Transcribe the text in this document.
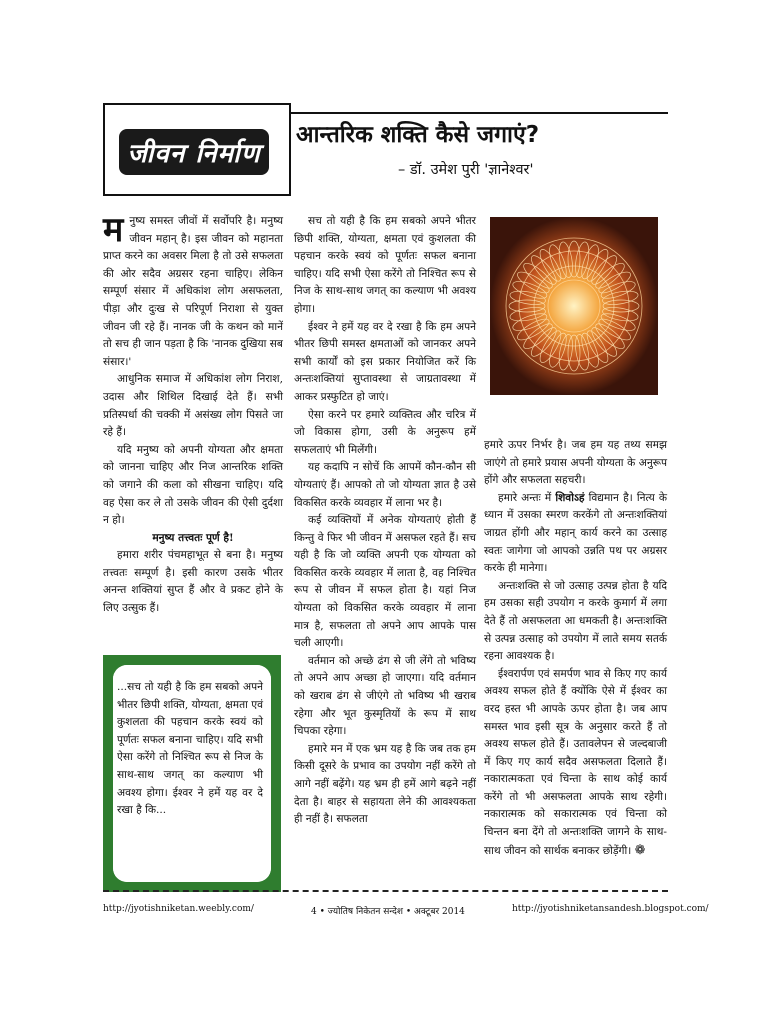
जीवन निर्माण
आन्तरिक शक्ति कैसे जगाएं?
– डॉ. उमेश पुरी 'ज्ञानेश्वर'

मनुष्य समस्त जीवों में सर्वोपरि है। मनुष्य जीवन महान् है। इस जीवन को महानता प्राप्त करने का अवसर मिला है तो उसे सफलता की ओर सदैव अग्रसर रहना चाहिए। लेकिन सम्पूर्ण संसार में अधिकांश लोग असफलता, पीड़ा और दुःख से परिपूर्ण निराशा से युक्त जीवन जी रहे हैं। नानक जी के कथन को मानें तो सच ही जान पड़ता है कि 'नानक दुखिया सब संसार।'

आधुनिक समाज में अधिकांश लोग निराश, उदास और शिथिल दिखाई देते हैं। सभी प्रतिस्पर्धा की चक्की में असंख्य लोग पिसते जा रहे हैं।

यदि मनुष्य को अपनी योग्यता और क्षमता को जानना चाहिए और निज आन्तरिक शक्ति को जगाने की कला को सीखना चाहिए। यदि वह ऐसा कर ले तो उसके जीवन की ऐसी दुर्दशा न हो।

मनुष्य तत्त्वतः पूर्ण है!

हमारा शरीर पंचमहाभूत से बना है। मनुष्य तत्त्वतः सम्पूर्ण है। इसी कारण उसके भीतर अनन्त शक्तियां सुप्त हैं और वे प्रकट होने के लिए उत्सुक हैं।

...सच तो यही है कि हम सबको अपने भीतर छिपी शक्ति, योग्यता, क्षमता एवं कुशलता की पहचान करके स्वयं को पूर्णतः सफल बनाना चाहिए। यदि सभी ऐसा करेंगे तो निश्चित रूप से निज के साथ-साथ जगत् का कल्याण भी अवश्य होगा। ईश्वर ने हमें यह वर दे रखा है कि...

सच तो यही है कि हम सबको अपने भीतर छिपी शक्ति, योग्यता, क्षमता एवं कुशलता की पहचान करके स्वयं को पूर्णतः सफल बनाना चाहिए। यदि सभी ऐसा करेंगे तो निश्चित रूप से निज के साथ-साथ जगत् का कल्याण भी अवश्य होगा।

ईश्वर ने हमें यह वर दे रखा है कि हम अपने भीतर छिपी समस्त क्षमताओं को जानकर अपने सभी कार्यों को इस प्रकार नियोजित करें कि अन्तःशक्तियां सुप्तावस्था से जाग्रतावस्था में आकर प्रस्फुटित हो जाएं।

ऐसा करने पर हमारे व्यक्तित्व और चरित्र में जो विकास होगा, उसी के अनुरूप हमें सफलताएं भी मिलेंगी।

यह कदापि न सोचें कि आपमें कौन-कौन सी योग्यताएं हैं। आपको तो जो योग्यता ज्ञात है उसे विकसित करके व्यवहार में लाना भर है।

कई व्यक्तियों में अनेक योग्यताएं होती हैं किन्तु वे फिर भी जीवन में असफल रहते हैं। सच यही है कि जो व्यक्ति अपनी एक योग्यता को विकसित करके व्यवहार में लाता है, वह निश्चित रूप से जीवन में सफल होता है। यहां निज योग्यता को विकसित करके व्यवहार में लाना मात्र है, सफलता तो अपने आप आपके पास चली आएगी।

वर्तमान को अच्छे ढंग से जी लेंगे तो भविष्य तो अपने आप अच्छा हो जाएगा। यदि वर्तमान को खराब ढंग से जीएंगे तो भविष्य भी खराब रहेगा और भूत कुस्मृतियों के रूप में साथ चिपका रहेगा।

हमारे मन में एक भ्रम यह है कि जब तक हम किसी दूसरे के प्रभाव का उपयोग नहीं करेंगे तो आगे नहीं बढ़ेंगे। यह भ्रम ही हमें आगे बढ़ने नहीं देता है। बाहर से सहायता लेने की आवश्यकता ही नहीं है। सफलता

हमारे ऊपर निर्भर है। जब हम यह तथ्य समझ जाएंगे तो हमारे प्रयास अपनी योग्यता के अनुरूप होंगे और सफलता सहचरी।

हमारे अन्तः में शिवोऽहं विद्यमान है। नित्य के ध्यान में उसका स्मरण करकेंगे तो अन्तःशक्तियां जाग्रत होंगी और महान् कार्य करने का उत्साह स्वतः जागेगा जो आपको उन्नति पथ पर अग्रसर करके ही मानेगा।

अन्तःशक्ति से जो उत्साह उत्पन्न होता है यदि हम उसका सही उपयोग न करके कुमार्ग में लगा देते हैं तो असफलता आ धमकती है। अन्तःशक्ति से उत्पन्न उत्साह को उपयोग में लाते समय सतर्क रहना आवश्यक है।

ईश्वरार्पण एवं समर्पण भाव से किए गए कार्य अवश्य सफल होते हैं क्योंकि ऐसे में ईश्वर का वरद हस्त भी आपके ऊपर होता है। जब आप समस्त भाव इसी सूत्र के अनुसार करते हैं तो अवश्य सफल होते हैं। उतावलेपन से जल्दबाजी में किए गए कार्य सदैव असफलता दिलाते हैं। नकारात्मकता एवं चिन्ता के साथ कोई कार्य करेंगे तो भी असफलता आपके साथ रहेगी। नकारात्मक को सकारात्मक एवं चिन्ता को चिन्तन बना देंगे तो अन्तःशक्ति जागने के साथ-साथ जीवन को सार्थक बनाकर छोड़ेंगी। ❁

http://jyotishniketan.weebly.com/	4 • ज्योतिष निकेतन सन्देश • अक्टूबर 2014	http://jyotishniketansandesh.blogspot.com/
